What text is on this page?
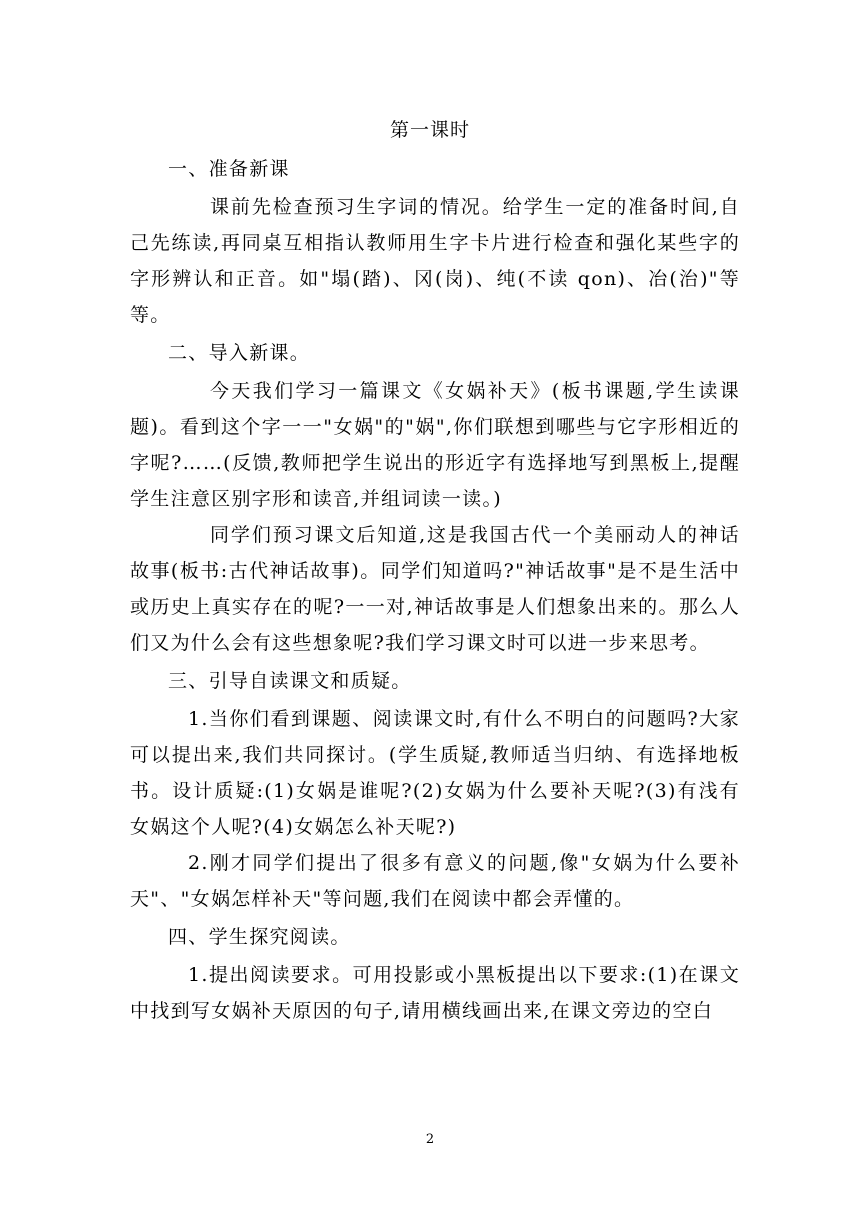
第一课时

一、准备新课

课前先检查预习生字词的情况。给学生一定的准备时间,自己先练读,再同桌互相指认教师用生字卡片进行检查和强化某些字的字形辨认和正音。如"塌(踏)、冈(岗)、纯(不读 qon)、冶(治)"等等。

二、导入新课。

今天我们学习一篇课文《女娲补天》(板书课题,学生读课题)。看到这个字一一"女娲"的"娲",你们联想到哪些与它字形相近的字呢?……(反馈,教师把学生说出的形近字有选择地写到黑板上,提醒学生注意区别字形和读音,并组词读一读。)

同学们预习课文后知道,这是我国古代一个美丽动人的神话故事(板书:古代神话故事)。同学们知道吗?"神话故事"是不是生活中或历史上真实存在的呢?一一对,神话故事是人们想象出来的。那么人们又为什么会有这些想象呢?我们学习课文时可以进一步来思考。

三、引导自读课文和质疑。

1.当你们看到课题、阅读课文时,有什么不明白的问题吗?大家可以提出来,我们共同探讨。(学生质疑,教师适当归纳、有选择地板书。设计质疑:(1)女娲是谁呢?(2)女娲为什么要补天呢?(3)有浅有女娲这个人呢?(4)女娲怎么补天呢?)

2.刚才同学们提出了很多有意义的问题,像"女娲为什么要补天"、"女娲怎样补天"等问题,我们在阅读中都会弄懂的。

四、学生探究阅读。

1.提出阅读要求。可用投影或小黑板提出以下要求:(1)在课文中找到写女娲补天原因的句子,请用横线画出来,在课文旁边的空白

2
